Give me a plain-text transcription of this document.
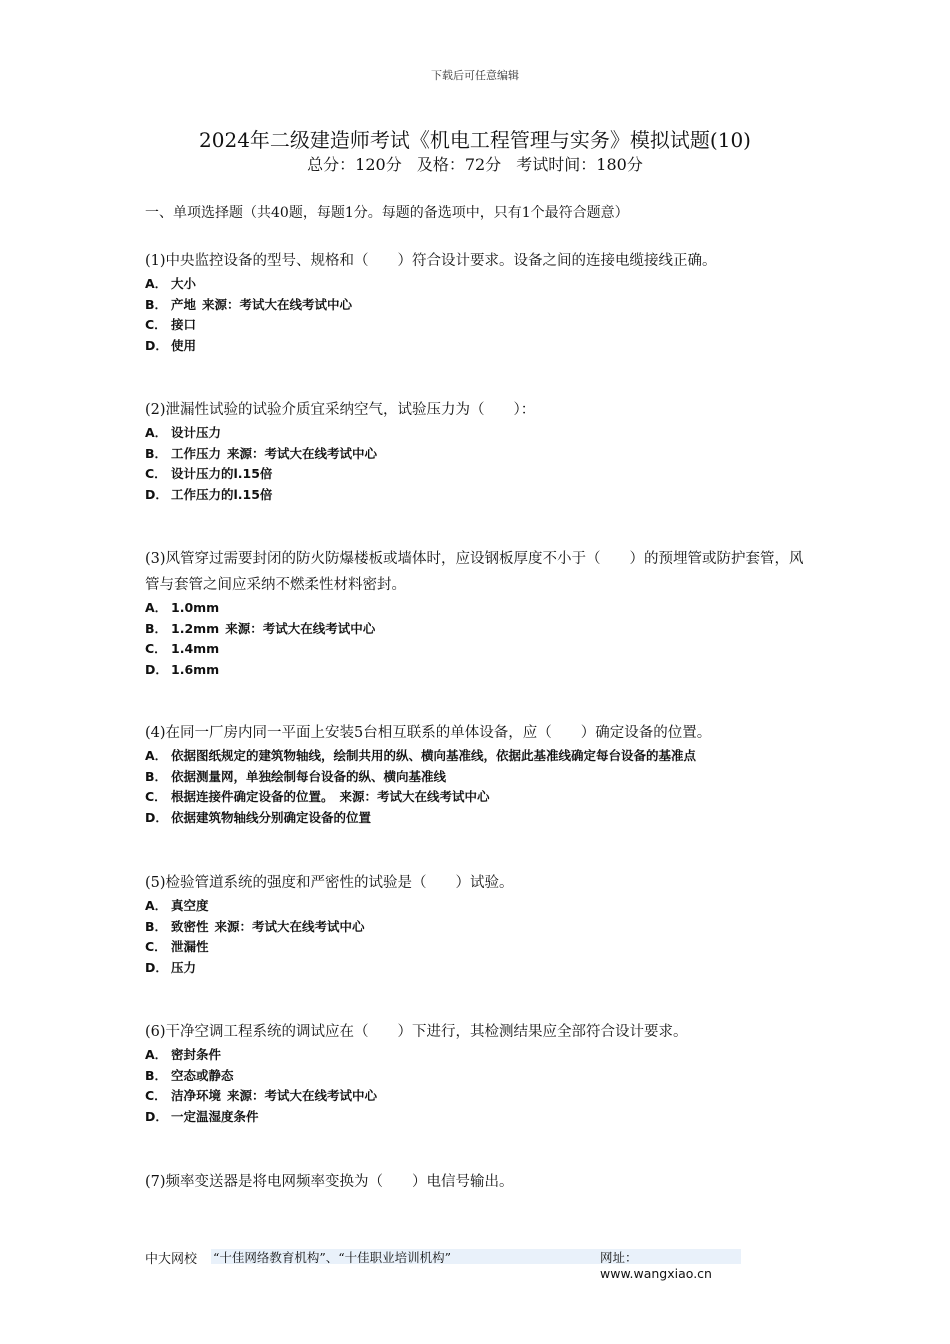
下载后可任意编辑
2024年二级建造师考试《机电工程管理与实务》模拟试题(10)
总分：120分 及格：72分 考试时间：180分
一、单项选择题（共40题，每题1分。每题的备选项中，只有1个最符合题意）

(1)中央监控设备的型号、规格和（　　）符合设计要求。设备之间的连接电缆接线正确。

A． 大小
B． 产地 来源：考试大在线考试中心
C． 接口
D． 使用

(2)泄漏性试验的试验介质宜采纳空气，试验压力为（　　）：

A． 设计压力
B． 工作压力 来源：考试大在线考试中心
C． 设计压力的l.15倍
D． 工作压力的l.15倍

(3)风管穿过需要封闭的防火防爆楼板或墙体时，应设钢板厚度不小于（　　）的预埋管或防护套管，风管与套管之间应采纳不燃柔性材料密封。

A． 1.0mm
B． 1.2mm 来源：考试大在线考试中心
C． 1.4mm
D． 1.6mm

(4)在同一厂房内同一平面上安装5台相互联系的单体设备，应（　　）确定设备的位置。

A． 依据图纸规定的建筑物轴线，绘制共用的纵、横向基准线，依据此基准线确定每台设备的基准点
B． 依据测量网，单独绘制每台设备的纵、横向基准线
C． 根据连接件确定设备的位置。 来源：考试大在线考试中心
D． 依据建筑物轴线分别确定设备的位置

(5)检验管道系统的强度和严密性的试验是（　　）试验。

A． 真空度
B． 致密性 来源：考试大在线考试中心
C． 泄漏性
D． 压力

(6)干净空调工程系统的调试应在（　　）下进行，其检测结果应全部符合设计要求。

A． 密封条件
B． 空态或静态
C． 洁净环境 来源：考试大在线考试中心
D． 一定温湿度条件

(7)频率变送器是将电网频率变换为（　　）电信号输出。

中大网校 “十佳网络教育机构”、“十佳职业培训机构”	网址：www.wangxiao.cn
